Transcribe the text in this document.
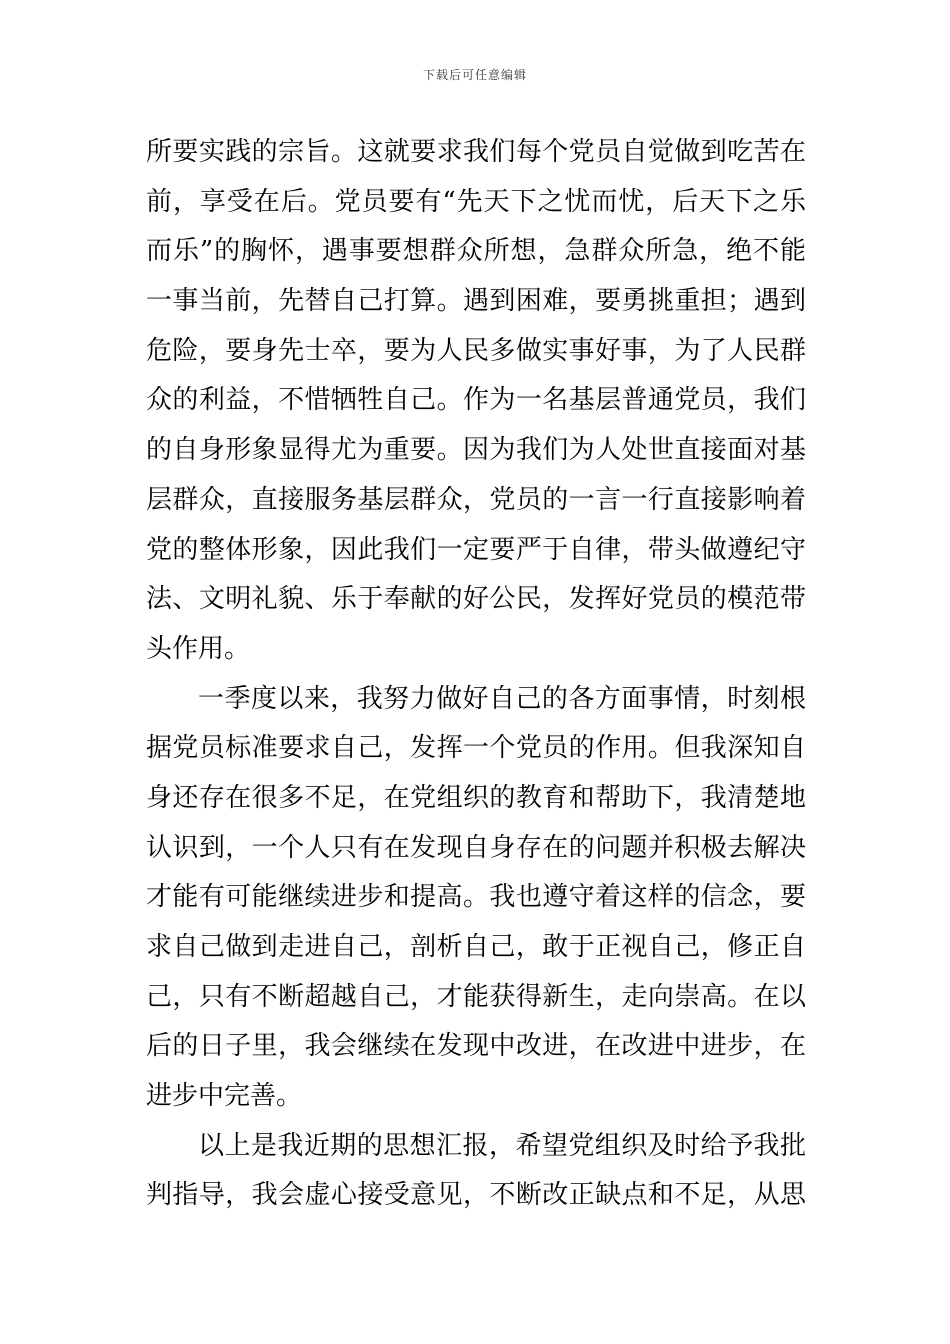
下载后可任意编辑
所要实践的宗旨。这就要求我们每个党员自觉做到吃苦在
前，享受在后。党员要有“先天下之忧而忧，后天下之乐
而乐”的胸怀，遇事要想群众所想，急群众所急，绝不能
一事当前，先替自己打算。遇到困难，要勇挑重担；遇到
危险，要身先士卒，要为人民多做实事好事，为了人民群
众的利益，不惜牺牲自己。作为一名基层普通党员，我们
的自身形象显得尤为重要。因为我们为人处世直接面对基
层群众，直接服务基层群众，党员的一言一行直接影响着
党的整体形象，因此我们一定要严于自律，带头做遵纪守
法、文明礼貌、乐于奉献的好公民，发挥好党员的模范带
头作用。
一季度以来，我努力做好自己的各方面事情，时刻根
据党员标准要求自己，发挥一个党员的作用。但我深知自
身还存在很多不足，在党组织的教育和帮助下，我清楚地
认识到，一个人只有在发现自身存在的问题并积极去解决
才能有可能继续进步和提高。我也遵守着这样的信念，要
求自己做到走进自己，剖析自己，敢于正视自己，修正自
己，只有不断超越自己，才能获得新生，走向崇高。在以
后的日子里，我会继续在发现中改进，在改进中进步，在
进步中完善。
以上是我近期的思想汇报，希望党组织及时给予我批
判指导，我会虚心接受意见，不断改正缺点和不足，从思
